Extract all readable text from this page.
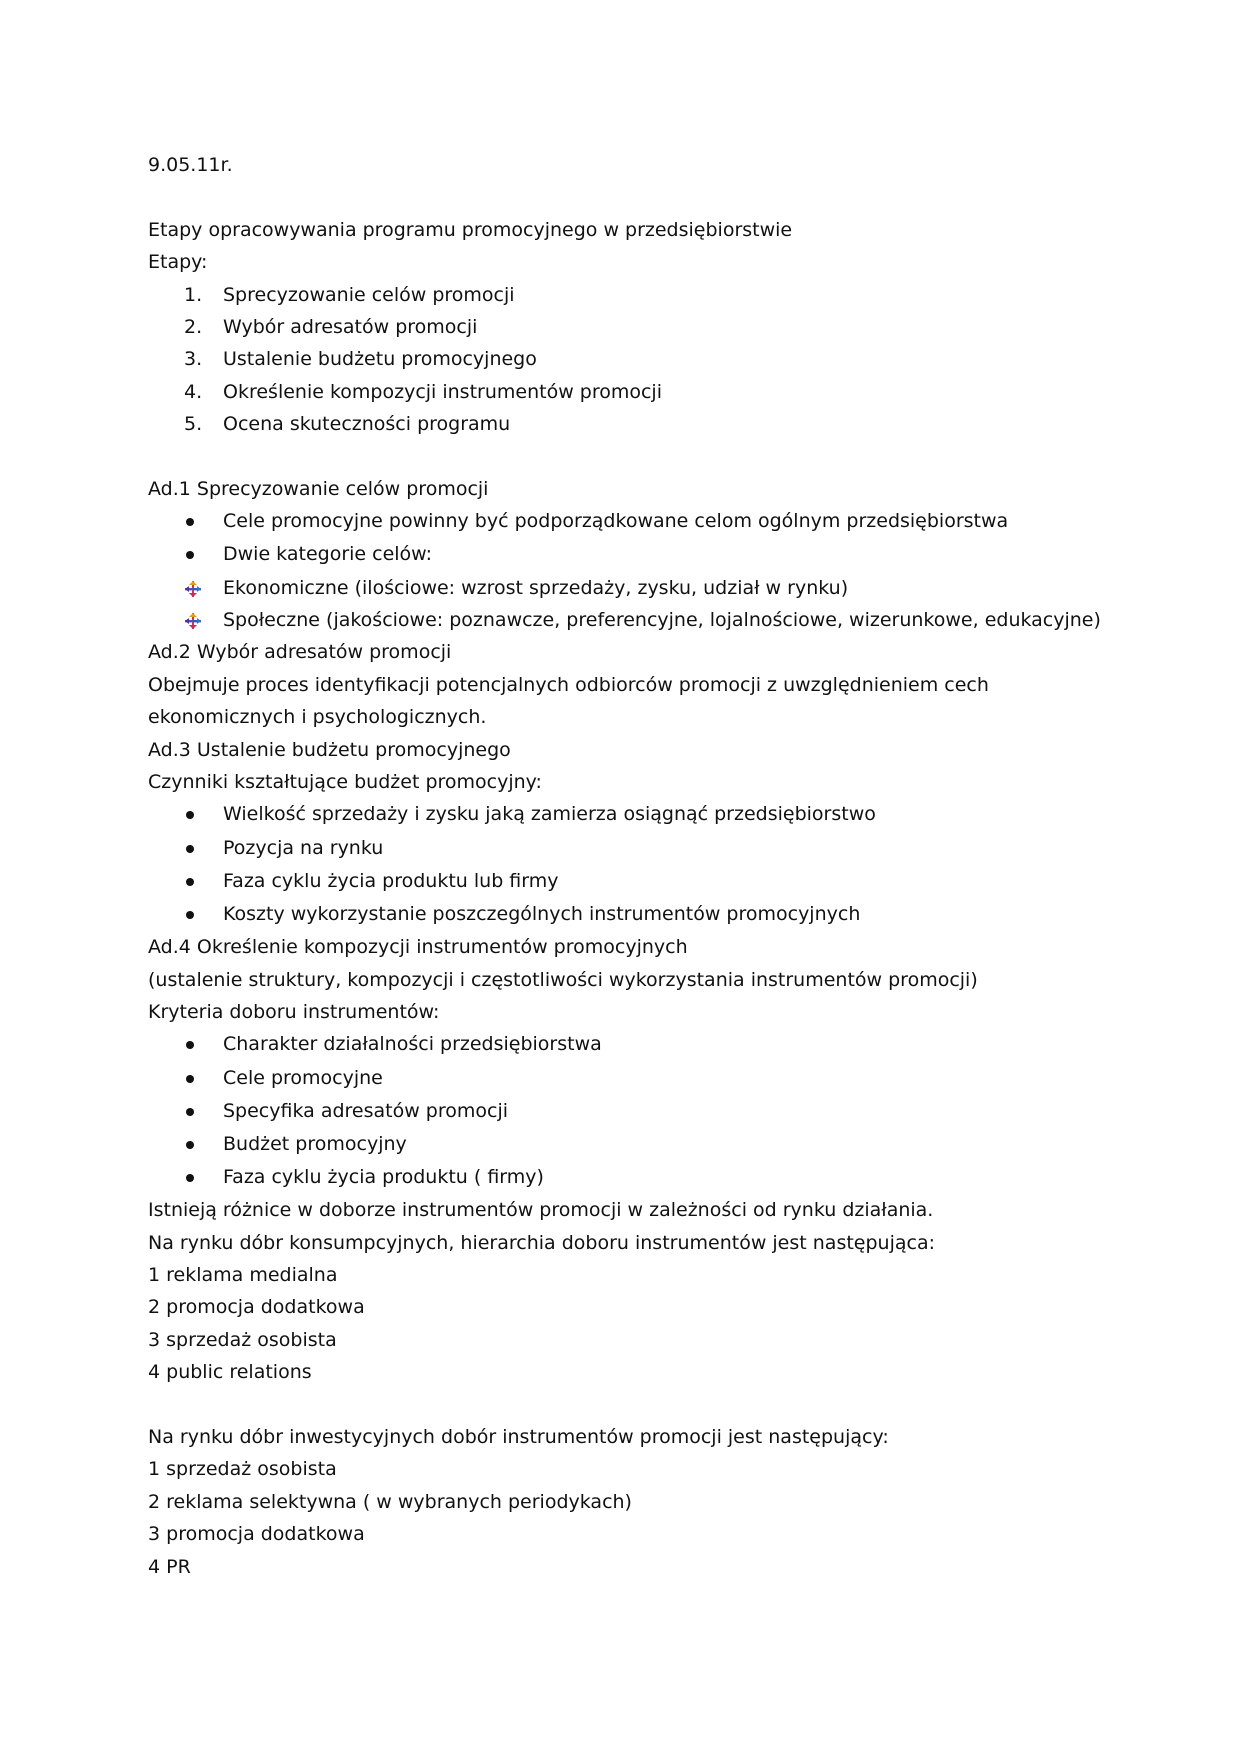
9.05.11r.
Etapy opracowywania programu promocyjnego w przedsiębiorstwie
Etapy:
1.	Sprecyzowanie celów promocji
2.	Wybór adresatów promocji
3.	Ustalenie budżetu promocyjnego
4.	Określenie kompozycji instrumentów promocji
5.	Ocena skuteczności programu
Ad.1 Sprecyzowanie celów promocji
Cele promocyjne powinny być podporządkowane celom ogólnym przedsiębiorstwa
Dwie kategorie celów:
Ekonomiczne (ilościowe: wzrost sprzedaży, zysku, udział w rynku)
Społeczne (jakościowe: poznawcze, preferencyjne, lojalnościowe, wizerunkowe, edukacyjne)
Ad.2 Wybór adresatów promocji
Obejmuje proces identyfikacji potencjalnych odbiorców promocji z uwzględnieniem cech
ekonomicznych i psychologicznych.
Ad.3 Ustalenie budżetu promocyjnego
Czynniki kształtujące budżet promocyjny:
Wielkość sprzedaży i zysku jaką zamierza osiągnąć przedsiębiorstwo
Pozycja na rynku
Faza cyklu życia produktu lub firmy
Koszty wykorzystanie poszczególnych instrumentów promocyjnych
Ad.4 Określenie kompozycji instrumentów promocyjnych
(ustalenie struktury, kompozycji i częstotliwości wykorzystania instrumentów promocji)
Kryteria doboru instrumentów:
Charakter działalności przedsiębiorstwa
Cele promocyjne
Specyfika adresatów promocji
Budżet promocyjny
Faza cyklu życia produktu ( firmy)
Istnieją różnice w doborze instrumentów promocji w zależności od rynku działania.
Na rynku dóbr konsumpcyjnych, hierarchia doboru instrumentów jest następująca:
1 reklama medialna
2 promocja dodatkowa
3 sprzedaż osobista
4 public relations
Na rynku dóbr inwestycyjnych dobór instrumentów promocji jest następujący:
1 sprzedaż osobista
2 reklama selektywna ( w wybranych periodykach)
3 promocja dodatkowa
4 PR
